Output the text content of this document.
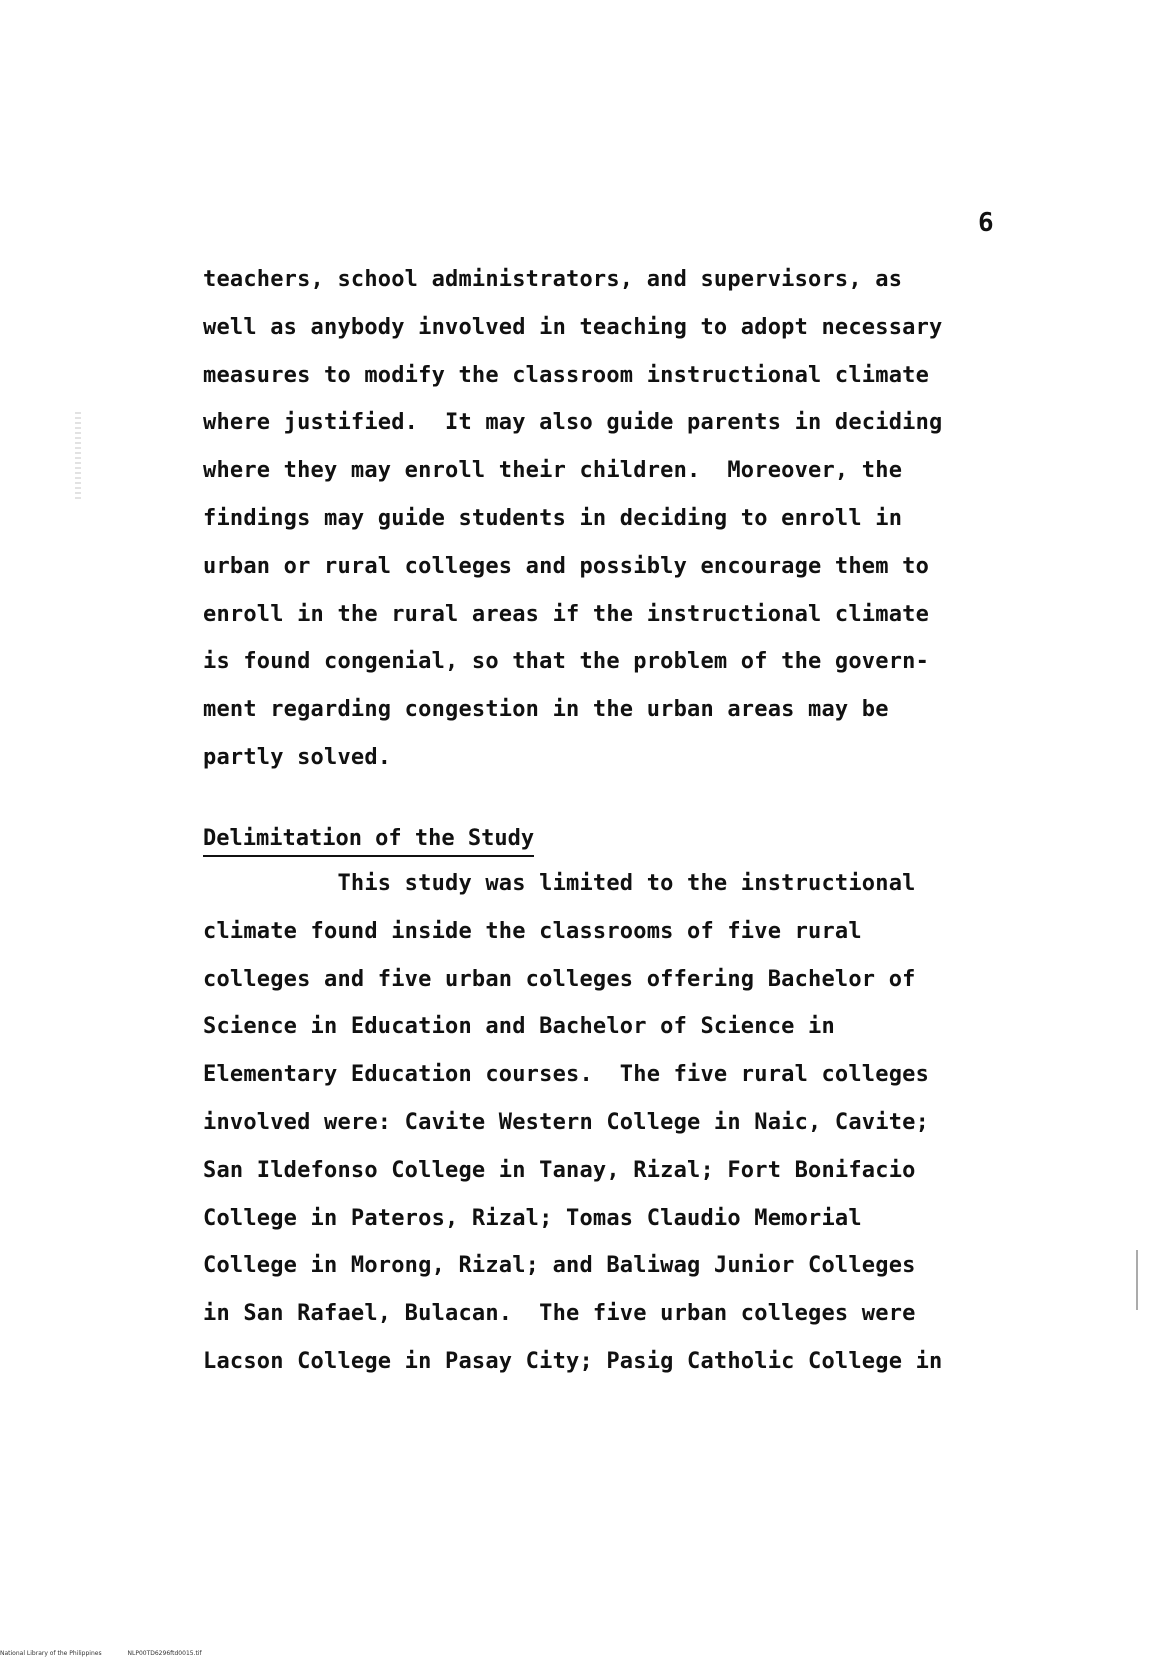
6

teachers, school administrators, and supervisors, as
well as anybody involved in teaching to adopt necessary
measures to modify the classroom instructional climate
where justified.  It may also guide parents in deciding
where they may enroll their children.  Moreover, the
findings may guide students in deciding to enroll in
urban or rural colleges and possibly encourage them to
enroll in the rural areas if the instructional climate
is found congenial, so that the problem of the govern-
ment regarding congestion in the urban areas may be
partly solved.

Delimitation of the Study

This study was limited to the instructional
climate found inside the classrooms of five rural
colleges and five urban colleges offering Bachelor of
Science in Education and Bachelor of Science in
Elementary Education courses.  The five rural colleges
involved were: Cavite Western College in Naic, Cavite;
San Ildefonso College in Tanay, Rizal; Fort Bonifacio
College in Pateros, Rizal; Tomas Claudio Memorial
College in Morong, Rizal; and Baliwag Junior Colleges
in San Rafael, Bulacan.  The five urban colleges were
Lacson College in Pasay City; Pasig Catholic College in
National Library of the Philippines	NLP00TD6296ftd0015.tif
